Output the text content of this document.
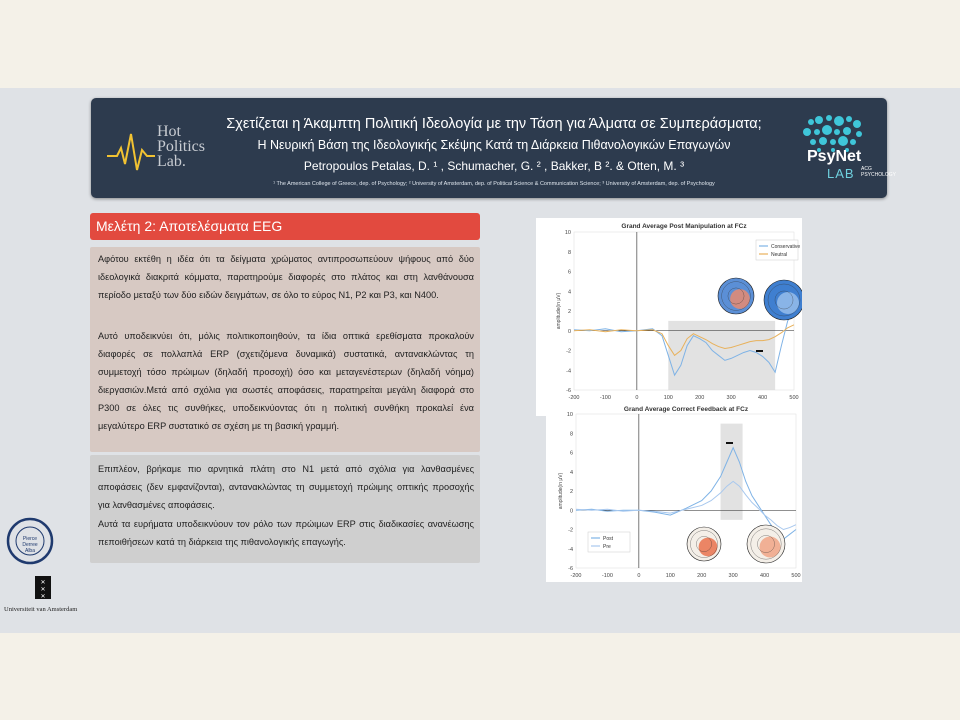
Hot
Politics
Lab.
Σχετίζεται η Άκαμπτη Πολιτική Ιδεολογία με την Τάση για Άλματα σε Συμπεράσματα;
Η Νευρική Βάση της Ιδεολογικής Σκέψης Κατά τη Διάρκεια Πιθανολογικών Επαγωγών
Petropoulos Petalas, D. ¹ , Schumacher, G. ² , Bakker, B ². & Otten, M. ³
¹ The American College of Greece, dep. of Psychology; ² University of Amsterdam, dep. of Political Science & Communication Science; ³ University of Amsterdam, dep. of Psychology
PsyNet
LAB ACG
PSYCHOLOGY
Μελέτη 2: Αποτελέσματα EEG
Αφότου εκτέθη η ιδέα ότι τα δείγματα χρώματος αντιπροσωπεύουν ψήφους από δύο ιδεολογικά διακριτά κόμματα, παρατηρούμε διαφορές στο πλάτος και στη λανθάνουσα περίοδο μεταξύ των δύο ειδών δειγμάτων, σε όλο το εύρος N1, P2 και P3, και N400.
Αυτό υποδεικνύει ότι, μόλις πολιτικοποιηθούν, τα ίδια οπτικά ερεθίσματα προκαλούν διαφορές σε πολλαπλά ERP (σχετιζόμενα δυναμικά) συστατικά, αντανακλώντας τη συμμετοχή τόσο πρώιμων (δηλαδή προσοχή) όσο και μεταγενέστερων (δηλαδή νόημα) διεργασιών.Μετά από σχόλια για σωστές αποφάσεις, παρατηρείται μεγάλη διαφορά στο P300 σε όλες τις συνθήκες, υποδεικνύοντας ότι η πολιτική συνθήκη προκαλεί ένα μεγαλύτερο ERP συστατικό σε σχέση με τη βασική γραμμή.
Επιπλέον, βρήκαμε πιο αρνητικά πλάτη στο N1 μετά από σχόλια για λανθασμένες αποφάσεις (δεν εμφανίζονται), αντανακλώντας τη συμμετοχή πρώιμης οπτικής προσοχής για λανθασμένες αποφάσεις.
Αυτά τα ευρήματα υποδεικνύουν τον ρόλο των πρώιμων ERP στις διαδικασίες ανανέωσης πεποιθήσεων κατά τη διάρκεια της πιθανολογικής επαγωγής.
Grand Average Post Manipulation at FCz
-200	-100	0	100	200	300	400	500
10
8
6
4
2
0
-2
-4
-6
amplitude(in μV)
Conservative
Neutral
Grand Average Correct Feedback at FCz
-200	-100	0	100	200	300	400	500
10
8
6
4
2
0
-2
-4
-6
amplitude(in μV)
Post
Pre
Pierce
Derree
Alba
✕
✕
✕
Universiteit van Amsterdam
